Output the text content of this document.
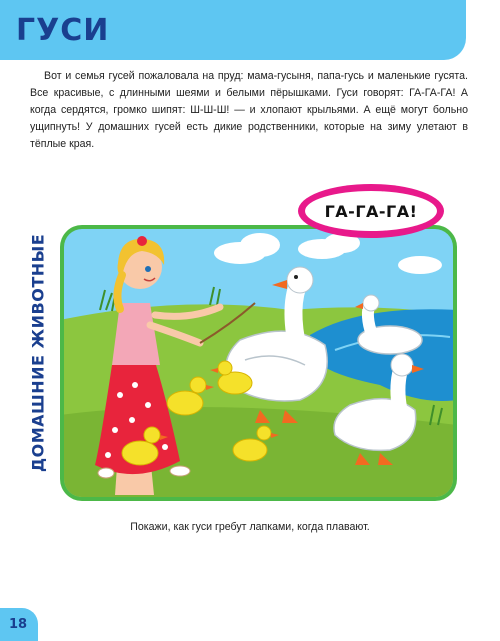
ГУСИ

Вот и семья гусей пожаловала на пруд: мама-гусыня, папа-гусь и маленькие гусята. Все красивые, с длинными шеями и белыми пёрышками. Гуси говорят: ГА-ГА-ГА! А когда сердятся, громко шипят: Ш-Ш-Ш! — и хлопают крыльями. А ещё могут больно ущипнуть! У домашних гусей есть дикие родственники, которые на зиму улетают в тёплые края.

ДОМАШНИЕ ЖИВОТНЫЕ
ГА-ГА-ГА!
Покажи, как гуси гребут лапками, когда плавают.
18
